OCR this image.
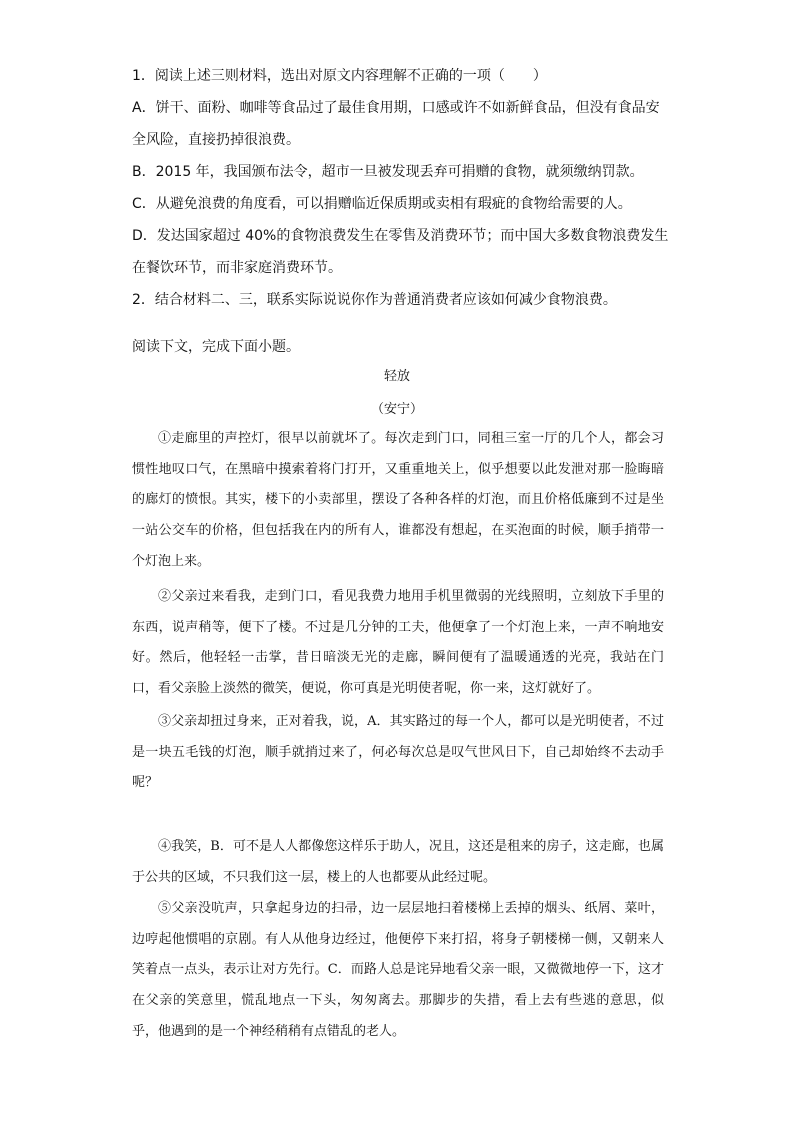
1．阅读上述三则材料，选出对原文内容理解不正确的一项（　　）
A．饼干、面粉、咖啡等食品过了最佳食用期，口感或许不如新鲜食品，但没有食品安全风险，直接扔掉很浪费。
B．2015 年，我国颁布法令，超市一旦被发现丢弃可捐赠的食物，就须缴纳罚款。
C．从避免浪费的角度看，可以捐赠临近保质期或卖相有瑕疵的食物给需要的人。
D．发达国家超过 40%的食物浪费发生在零售及消费环节；而中国大多数食物浪费发生在餐饮环节，而非家庭消费环节。
2．结合材料二、三，联系实际说说你作为普通消费者应该如何减少食物浪费。

阅读下文，完成下面小题。

轻放

（安宁）

①走廊里的声控灯，很早以前就坏了。每次走到门口，同租三室一厅的几个人，都会习惯性地叹口气，在黑暗中摸索着将门打开，又重重地关上，似乎想要以此发泄对那一脸晦暗的廊灯的愤恨。其实，楼下的小卖部里，摆设了各种各样的灯泡，而且价格低廉到不过是坐一站公交车的价格，但包括我在内的所有人，谁都没有想起，在买泡面的时候，顺手捎带一个灯泡上来。

②父亲过来看我，走到门口，看见我费力地用手机里微弱的光线照明，立刻放下手里的东西，说声稍等，便下了楼。不过是几分钟的工夫，他便拿了一个灯泡上来，一声不响地安好。然后，他轻轻一击掌，昔日暗淡无光的走廊，瞬间便有了温暖通透的光亮，我站在门口，看父亲脸上淡然的微笑，便说，你可真是光明使者呢，你一来，这灯就好了。

③父亲却扭过身来，正对着我，说，A．其实路过的每一个人，都可以是光明使者，不过是一块五毛钱的灯泡，顺手就捎过来了，何必每次总是叹气世风日下，自己却始终不去动手呢？

④我笑，B．可不是人人都像您这样乐于助人，况且，这还是租来的房子，这走廊，也属于公共的区域，不只我们这一层，楼上的人也都要从此经过呢。

⑤父亲没吭声，只拿起身边的扫帚，边一层层地扫着楼梯上丢掉的烟头、纸屑、菜叶，边哼起他惯唱的京剧。有人从他身边经过，他便停下来打招，将身子朝楼梯一侧，又朝来人笑着点一点头，表示让对方先行。C．而路人总是诧异地看父亲一眼，又微微地停一下，这才在父亲的笑意里，慌乱地点一下头，匆匆离去。那脚步的失措，看上去有些逃的意思，似乎，他遇到的是一个神经稍稍有点错乱的老人。
